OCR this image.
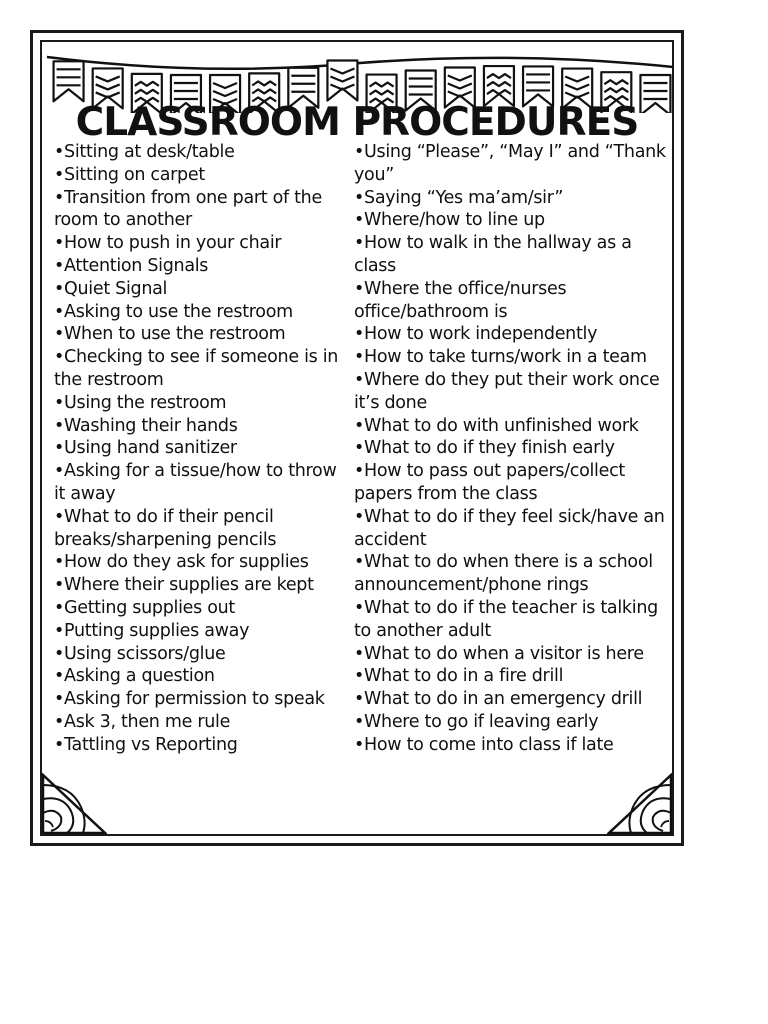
CLASSROOM PROCEDURES
•Sitting at desk/table
•Sitting on carpet
•Transition from one part of the room to another
•How to push in your chair
•Attention Signals
•Quiet Signal
•Asking to use the restroom
•When to use the restroom
•Checking to see if someone is in the restroom
•Using the restroom
•Washing their hands
•Using hand sanitizer
•Asking for a tissue/how to throw it away
•What to do if their pencil breaks/sharpening pencils
•How do they ask for supplies
•Where their supplies are kept
•Getting supplies out
•Putting supplies away
•Using scissors/glue
•Asking a question
•Asking for permission to speak
•Ask 3, then me rule
•Tattling vs Reporting
•Using “Please”, “May I” and “Thank you”
•Saying “Yes ma’am/sir”
•Where/how to line up
•How to walk in the hallway as a class
•Where the office/nurses office/bathroom is
•How to work independently
•How to take turns/work in a team
•Where do they put their work once it’s done
•What to do with unfinished work
•What to do if they finish early
•How to pass out papers/collect papers from the class
•What to do if they feel sick/have an accident
•What to do when there is a school announcement/phone rings
•What to do if the teacher is talking to another adult
•What to do when a visitor is here
•What to do in a fire drill
•What to do in an emergency drill
•Where to go if leaving early
•How to come into class if late
